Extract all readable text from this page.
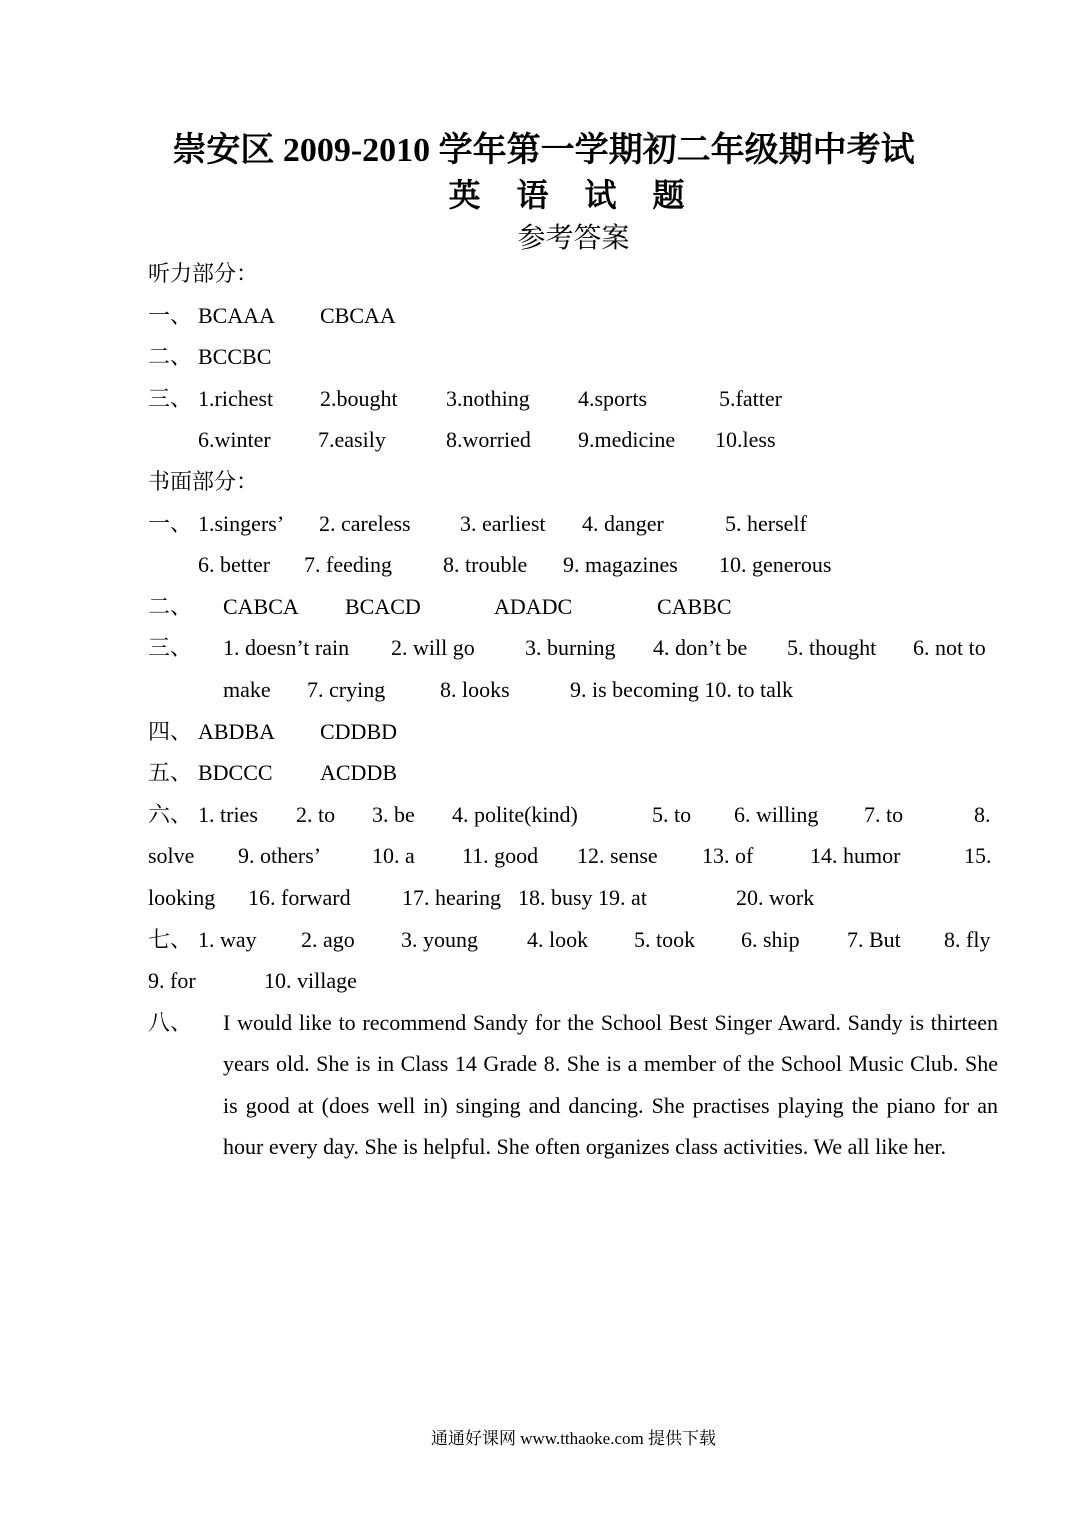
崇安区 2009-2010 学年第一学期初二年级期中考试
英 语 试 题
参考答案
听力部分：
一、 BCAAA CBCAA
二、 BCCBC
三、 1.richest 2.bought 3.nothing 4.sports	5.fatter
6.winter 7.easily	8.worried 9.medicine 10.less
书面部分：
一、 1.singers’ 2. careless 3. earliest 4. danger	5. herself
6. better 7. feeding 8. trouble 9. magazines 10. generous
二、 CABCA BCACD	ADADC	CABBC
三、 1. doesn’t rain 2. will go 3. burning 4. don’t be 5. thought 6. not to
make 7. crying 8. looks	9. is becoming 10. to talk
四、 ABDBA CDDBD
五、 BDCCC ACDDB
六、 1. tries 2. to 3. be 4. polite(kind)	5. to 6. willing 7. to	8.
solve 9. others’ 10. a 11. good 12. sense 13. of	14. humor	15.
looking 16. forward 17. hearing 18. busy 19. at	20. work
七、 1. way 2. ago 3. young 4. look 5. took 6. ship 7. But 8. fly
9. for	10. village
八、	I would like to recommend Sandy for the School Best Singer Award. Sandy is thirteen years old. She is in Class 14 Grade 8. She is a member of the School Music Club. She is good at (does well in) singing and dancing. She practises playing the piano for an hour every day. She is helpful. She often organizes class activities. We all like her.
通通好课网 www.tthaoke.com 提供下载
